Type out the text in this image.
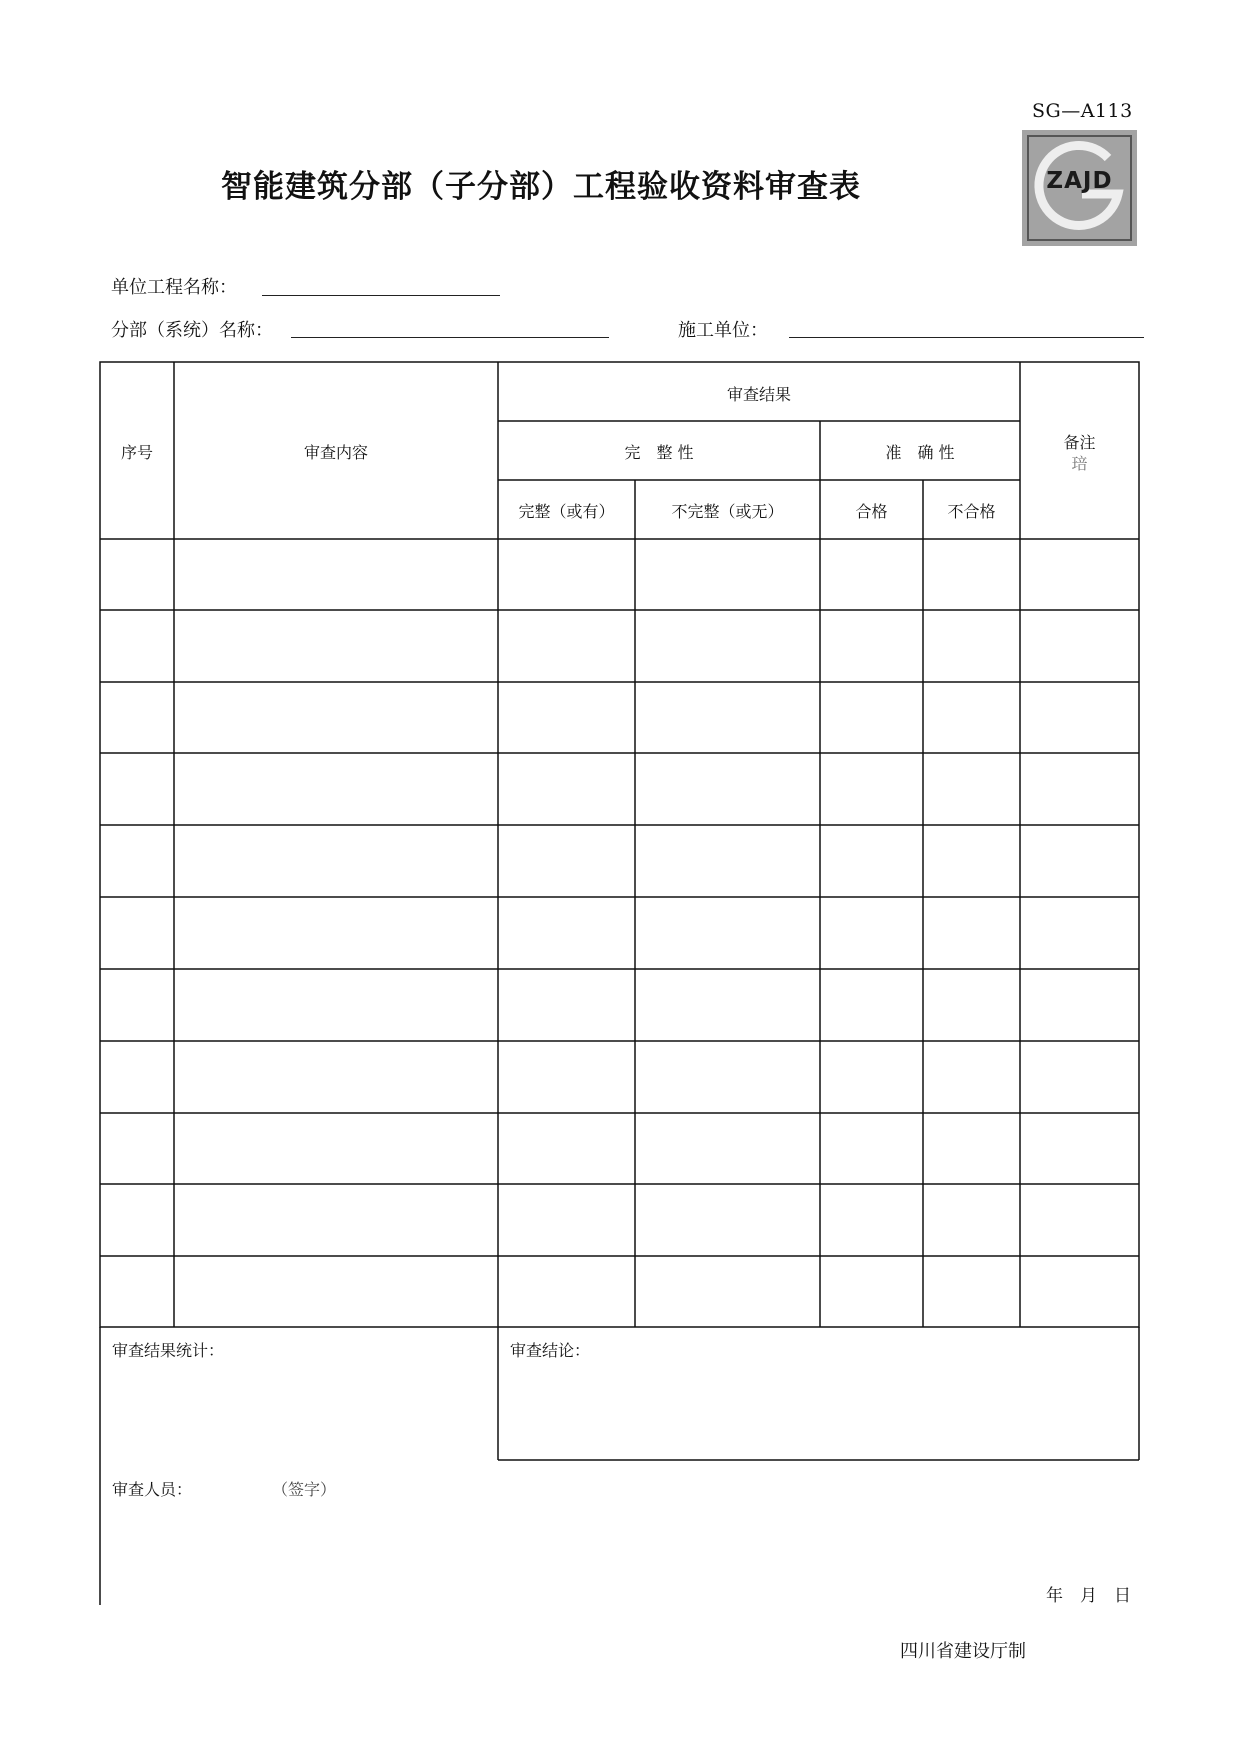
SG—A113
ZAJD
智能建筑分部（子分部）工程验收资料审查表
单位工程名称：
分部（系统）名称：	施工单位：
序号	审查内容
审查结果
完　整 性	准　确 性
完整（或有）	不完整（或无）	合格	不合格
备注
琣
审查结果统计：	审查结论：
审查人员：	（签字）
年　月　日
四川省建设厅制
